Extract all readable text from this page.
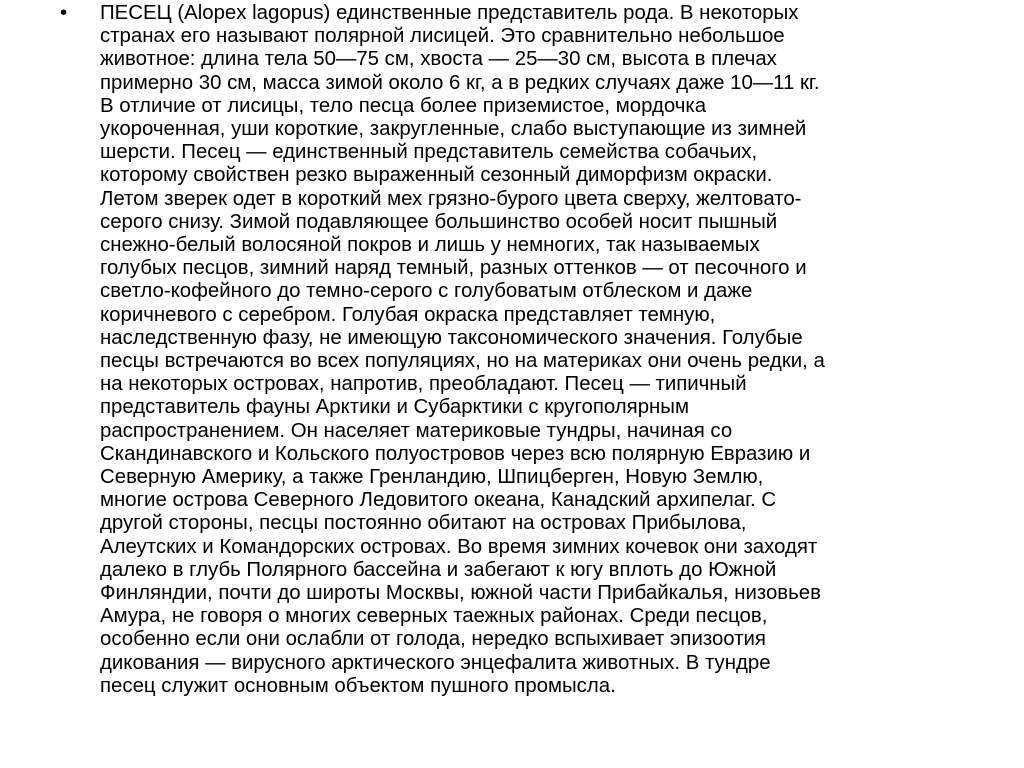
• ПЕСЕЦ (Alopex lagopus) единственные представитель рода. В некоторых
странах его называют полярной лисицей. Это сравнительно небольшое
животное: длина тела 50—75 см, хвоста — 25—30 см, высота в плечах
примерно 30 см, масса зимой около 6 кг, а в редких случаях даже 10—11 кг.
В отличие от лисицы, тело песца более приземистое, мордочка
укороченная, уши короткие, закругленные, слабо выступающие из зимней
шерсти. Песец — единственный представитель семейства собачьих,
которому свойствен резко выраженный сезонный диморфизм окраски.
Летом зверек одет в короткий мех грязно-бурого цвета сверху, желтовато-
серого снизу. Зимой подавляющее большинство особей носит пышный
снежно-белый волосяной покров и лишь у немногих, так называемых
голубых песцов, зимний наряд темный, разных оттенков — от песочного и
светло-кофейного до темно-серого с голубоватым отблеском и даже
коричневого с серебром. Голубая окраска представляет темную,
наследственную фазу, не имеющую таксономического значения. Голубые
песцы встречаются во всех популяциях, но на материках они очень редки, а
на некоторых островах, напротив, преобладают. Песец — типичный
представитель фауны Арктики и Субарктики с кругополярным
распространением. Он населяет материковые тундры, начиная со
Скандинавского и Кольского полуостровов через всю полярную Евразию и
Северную Америку, а также Гренландию, Шпицберген, Новую Землю,
многие острова Северного Ледовитого океана, Канадский архипелаг. С
другой стороны, песцы постоянно обитают на островах Прибылова,
Алеутских и Командорских островах. Во время зимних кочевок они заходят
далеко в глубь Полярного бассейна и забегают к югу вплоть до Южной
Финляндии, почти до широты Москвы, южной части Прибайкалья, низовьев
Амура, не говоря о многих северных таежных районах. Среди песцов,
особенно если они ослабли от голода, нередко вспыхивает эпизоотия
дикования — вирусного арктического энцефалита животных. В тундре
песец служит основным объектом пушного промысла.
